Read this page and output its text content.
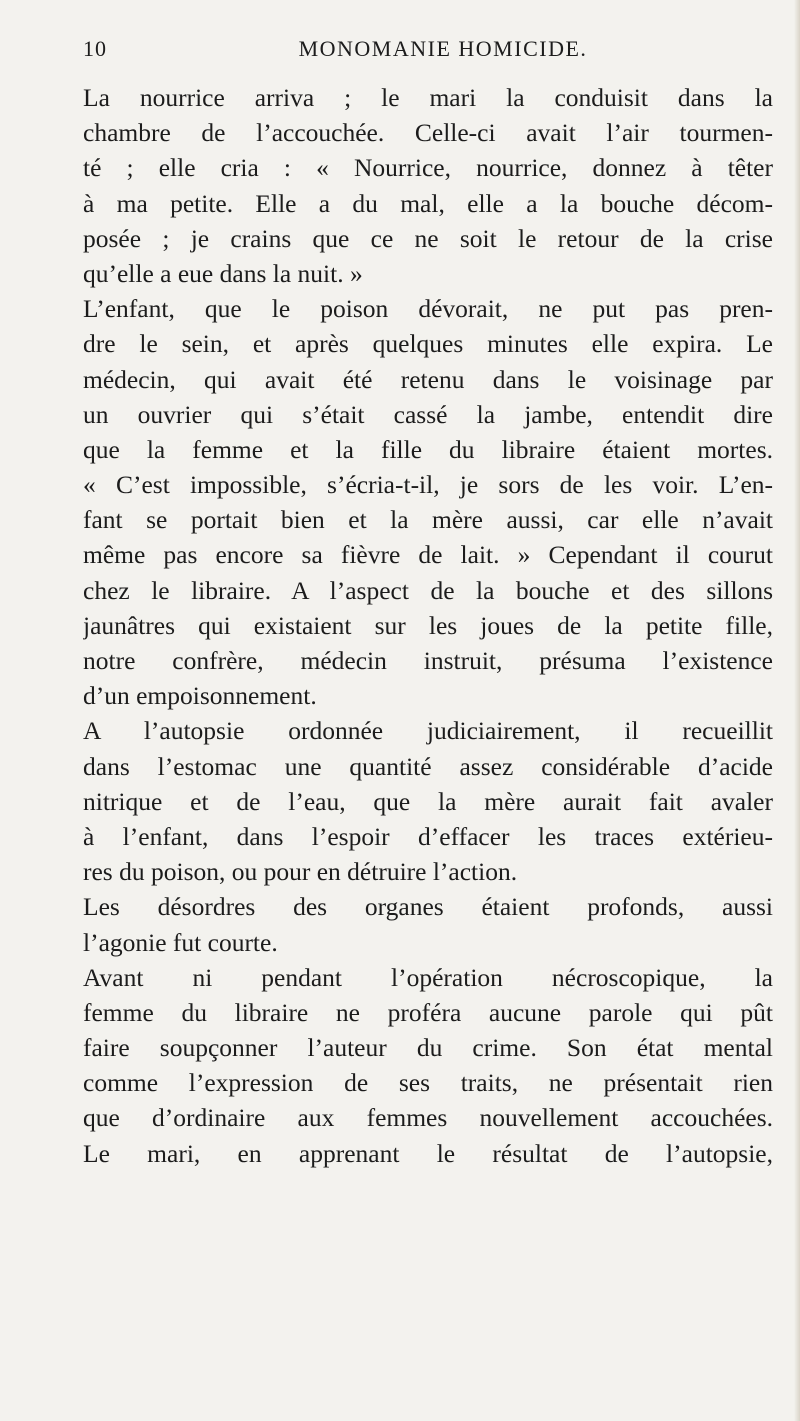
10	MONOMANIE HOMICIDE.
La nourrice arriva ; le mari la conduisit dans la
chambre de l’accouchée. Celle-ci avait l’air tourmen-
té ; elle cria : « Nourrice, nourrice, donnez à têter
à ma petite. Elle a du mal, elle a la bouche décom-
posée ; je crains que ce ne soit le retour de la crise
qu’elle a eue dans la nuit. »
L’enfant, que le poison dévorait, ne put pas pren-
dre le sein, et après quelques minutes elle expira. Le
médecin, qui avait été retenu dans le voisinage par
un ouvrier qui s’était cassé la jambe, entendit dire
que la femme et la fille du libraire étaient mortes.
« C’est impossible, s’écria-t-il, je sors de les voir. L’en-
fant se portait bien et la mère aussi, car elle n’avait
même pas encore sa fièvre de lait. » Cependant il courut
chez le libraire. A l’aspect de la bouche et des sillons
jaunâtres qui existaient sur les joues de la petite fille,
notre confrère, médecin instruit, présuma l’existence
d’un empoisonnement.
A l’autopsie ordonnée judiciairement, il recueillit
dans l’estomac une quantité assez considérable d’acide
nitrique et de l’eau, que la mère aurait fait avaler
à l’enfant, dans l’espoir d’effacer les traces extérieu-
res du poison, ou pour en détruire l’action.
Les désordres des organes étaient profonds, aussi
l’agonie fut courte.
Avant ni pendant l’opération nécroscopique, la
femme du libraire ne proféra aucune parole qui pût
faire soupçonner l’auteur du crime. Son état mental
comme l’expression de ses traits, ne présentait rien
que d’ordinaire aux femmes nouvellement accouchées.
Le mari, en apprenant le résultat de l’autopsie,
